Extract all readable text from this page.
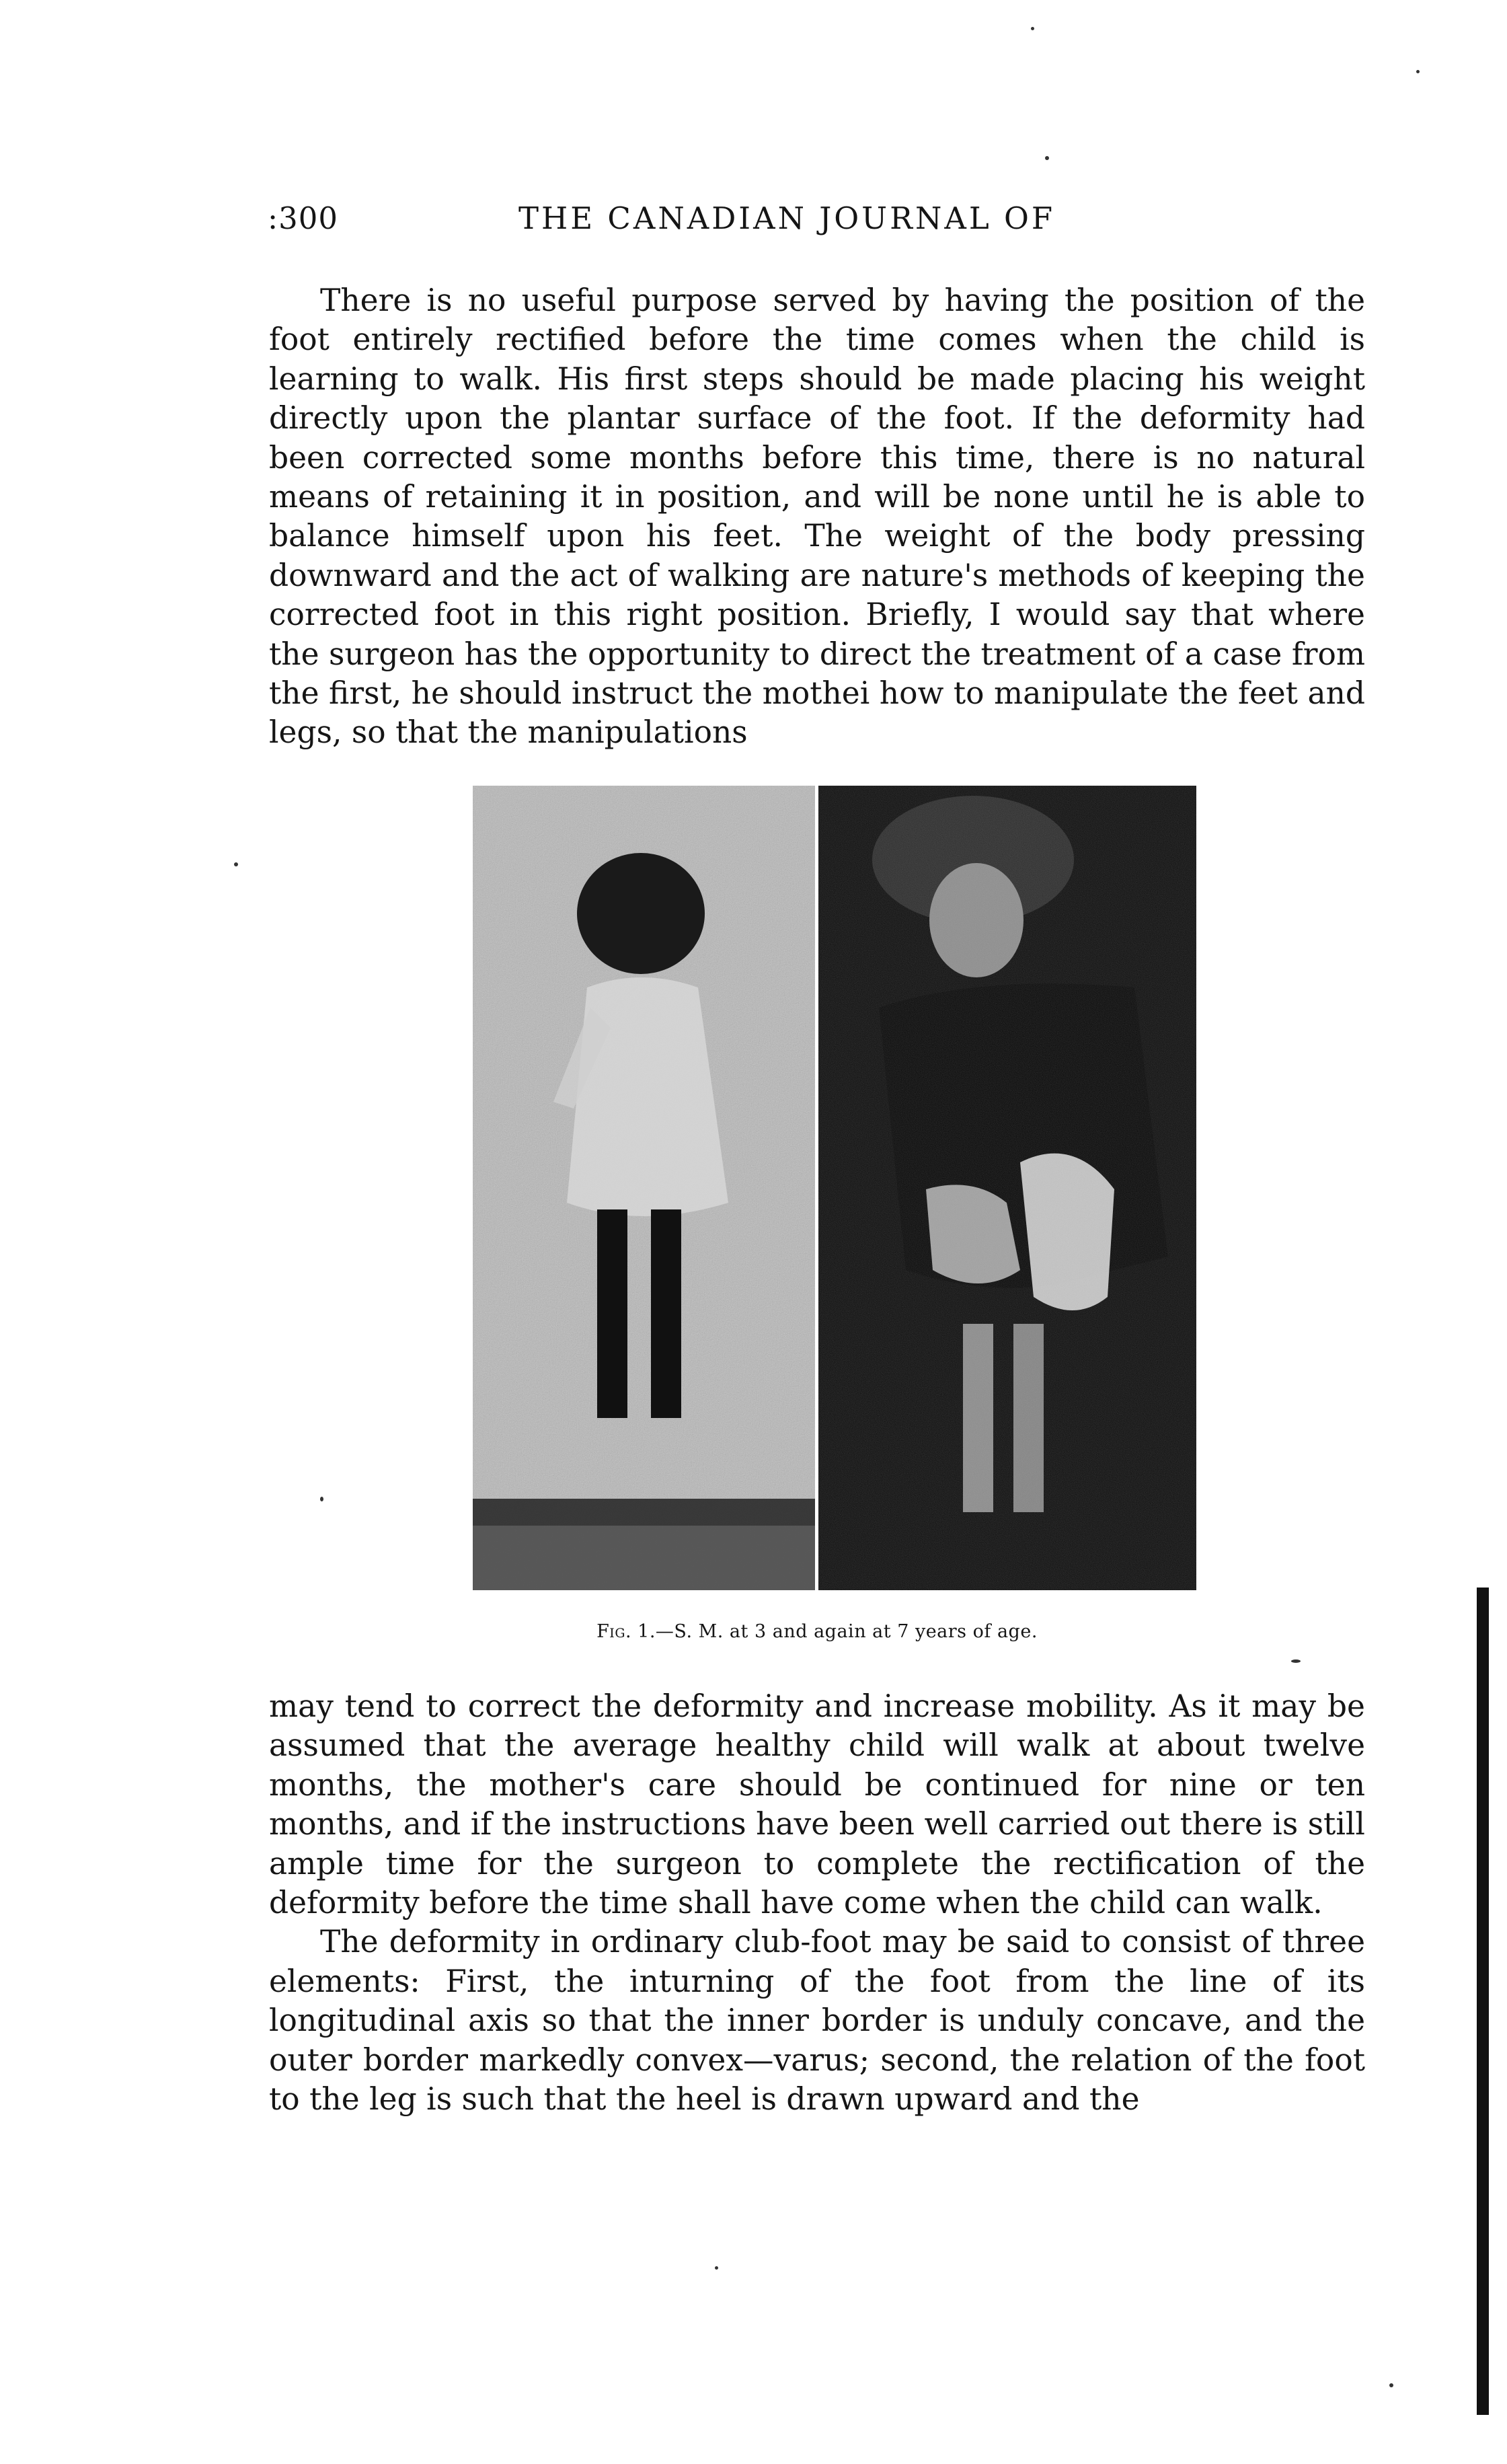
:300	THE CANADIAN JOURNAL OF

There is no useful purpose served by having the position of the foot entirely rectified before the time comes when the child is learning to walk. His first steps should be made placing his weight directly upon the plantar surface of the foot. If the deformity had been corrected some months before this time, there is no natural means of retaining it in position, and will be none until he is able to balance himself upon his feet. The weight of the body pressing downward and the act of walking are nature's methods of keeping the corrected foot in this right position. Briefly, I would say that where the surgeon has the opportunity to direct the treatment of a case from the first, he should instruct the mothei how to manipulate the feet and legs, so that the manipulations

Fig. 1.—S. M. at 3 and again at 7 years of age.

may tend to correct the deformity and increase mobility. As it may be assumed that the average healthy child will walk at about twelve months, the mother's care should be continued for nine or ten months, and if the instructions have been well carried out there is still ample time for the surgeon to complete the rectification of the deformity before the time shall have come when the child can walk.

The deformity in ordinary club-foot may be said to consist of three elements: First, the inturning of the foot from the line of its longitudinal axis so that the inner border is unduly concave, and the outer border markedly convex—varus; second, the relation of the foot to the leg is such that the heel is drawn upward and the
